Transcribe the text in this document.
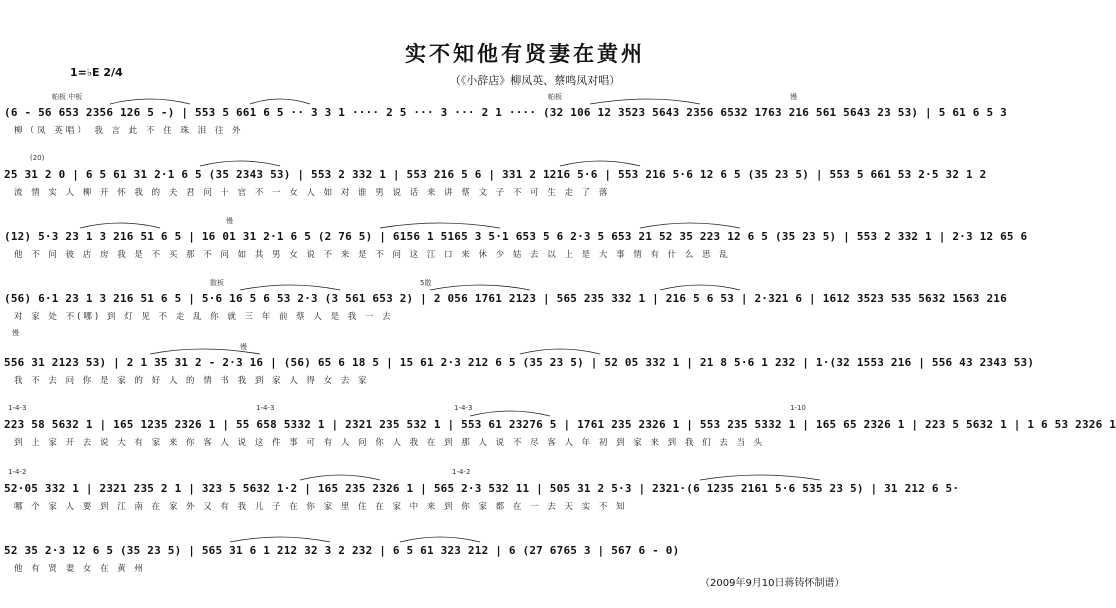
实不知他有贤妻在黄州
（《小辞店》柳凤英、蔡鸣凤对唱）
1=♭E 2/4
帕板 中板	帕板	慢
(6 - 56 653 2356 126 5 -) | 553 5 661 6 5 ·· 3 3 1 ···· 2 5 ··· 3 ··· 2 1 ···· (32 106 12 3523 5643 2356 6532 1763 216 561 5643 23 53) | 5 61 6 5 3
柳（凤 英唱） 我 言 此 不 住 珠 泪 往 外
(20)
25 31 2 0 | 6 5 61 31 2·1 6 5 (35 2343 53) | 553 2 332 1 | 553 216 5 6 | 331 2 1216 5·6 | 553 216 5·6 12 6 5 (35 23 5) | 553 5 661 53 2·5 32 1 2
流 情 实 人 柳 开 怀 我 的 夫 君 问 十 官 不 一 女 人 如 对 谁 男 说 话 来 讲 蔡 文 子 不 可 生 走 了 落
慢
(12) 5·3 23 1 3 216 51 6 5 | 16 01 31 2·1 6 5 (2 76 5) | 6156 1 5165 3 5·1 653 5 6 2·3 5 653 21 52 35 223 12 6 5 (35 23 5) | 553 2 332 1 | 2·3 12 65 6
他 不 问 彼 店 房 我 是 不 买 那 不 问 如 其 男 女 说 不 来 是 不 问 这 江 口 来 休 少 姑 去 以 上 是 大 事 情 有 什 么 思 乱
散板	5散
慢
(56) 6·1 23 1 3 216 51 6 5 | 5·6 16 5 6 53 2·3 (3 561 653 2) | 2 056 1761 2123 | 565 235 332 1 | 216 5 6 53 | 2·321 6 | 1612 3523 535 5632 1563 216
对 家 处 不(哪) 到 灯 见 不 走 乱 你 就 三 年 前 蔡 人 是 我 一 去
慢
556 31 2123 53) | 2 1 35 31 2 - 2·3 16 | (56) 65 6 18 5 | 15 61 2·3 212 6 5 (35 23 5) | 52 05 332 1 | 21 8 5·6 1 232 | 1·(32 1553 216 | 556 43 2343 53)
我 不 去 问 你 是 家 的 好 人 的 情 书 我 到 家 人 得 女 去 家
1-4-3	1-4-3	1-4-3	1-10
223 58 5632 1 | 165 1235 2326 1 | 55 658 5332 1 | 2321 235 532 1 | 553 61 23276 5 | 1761 235 2326 1 | 553 235 5332 1 | 165 65 2326 1 | 223 5 5632 1 | 1 6 53 2326 1
到 上 家 开 去 说 大 有 家 来 你 客 人 说 这 件 事 可 有 人 问 你 人 我 在 到 那 人 说 不 尽 客 人 年 初 到 家 来 到 我 们 去 当 头
1-4-2	1-4-2
52·05 332 1 | 2321 235 2 1 | 323 5 5632 1·2 | 165 235 2326 1 | 565 2·3 532 11 | 505 31 2 5·3 | 2321·(6 1235 2161 5·6 535 23 5) | 31 212 6 5·
哪 个 家 人 要 到 江 南 在 家 外 又 有 我 儿 子 在 你 家 里 住 在 家 中 来 到 你 家 都 在 一 去 天 实 不 知
52 35 2·3 12 6 5 (35 23 5) | 565 31 6 1 212 32 3 2 232 | 6 5 61 323 212 | 6 (27 6765 3 | 567 6 - 0)
他 有 贤 妻 女 在 黄 州
（2009年9月10日蒋铸怀制谱）
